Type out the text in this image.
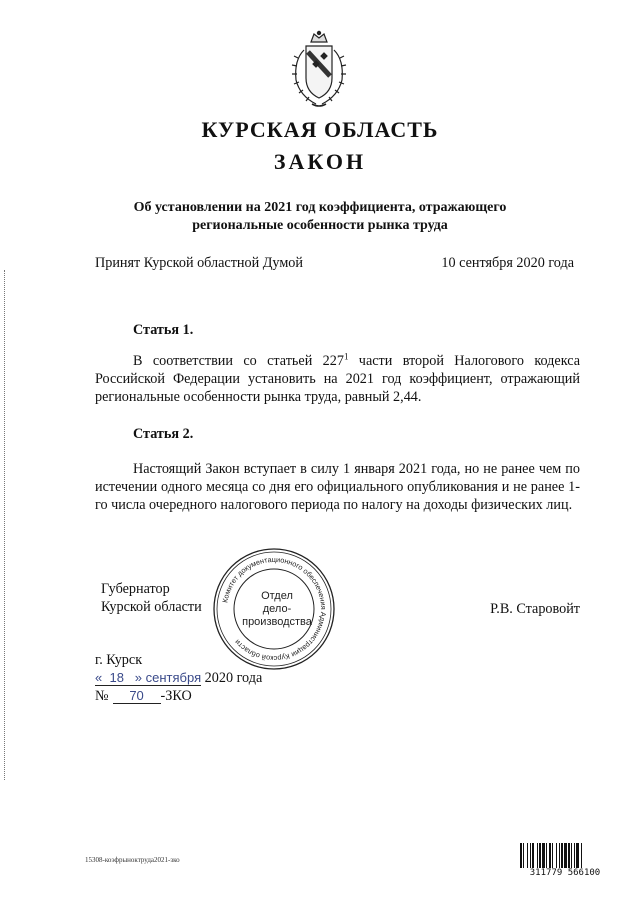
КУРСКАЯ ОБЛАСТЬ
ЗАКОН
Об установлении на 2021 год коэффициента, отражающего
региональные особенности рынка труда
Принят Курской областной Думой	10 сентября 2020 года
Статья 1.

В соответствии со статьей $227^1$ части второй Налогового кодекса Российской Федерации установить на 2021 год коэффициент, отражающий региональные особенности рынка труда, равный 2,44.

Статья 2.

Настоящий Закон вступает в силу 1 января 2021 года, но не ранее чем по истечении одного месяца со дня его официального опубликования и не ранее 1-го числа очередного налогового периода по налогу на доходы физических лиц.

Губернатор
Курской области	Р.В. Старовойт
Комитет документационного обеспечения Администрации Курской области
Отдел
дело-
производства
г. Курск
« 18 » сентября 2020 года
№ 70 -ЗКО
15308-коэфрынoктруда2021-зко
311779 566100
